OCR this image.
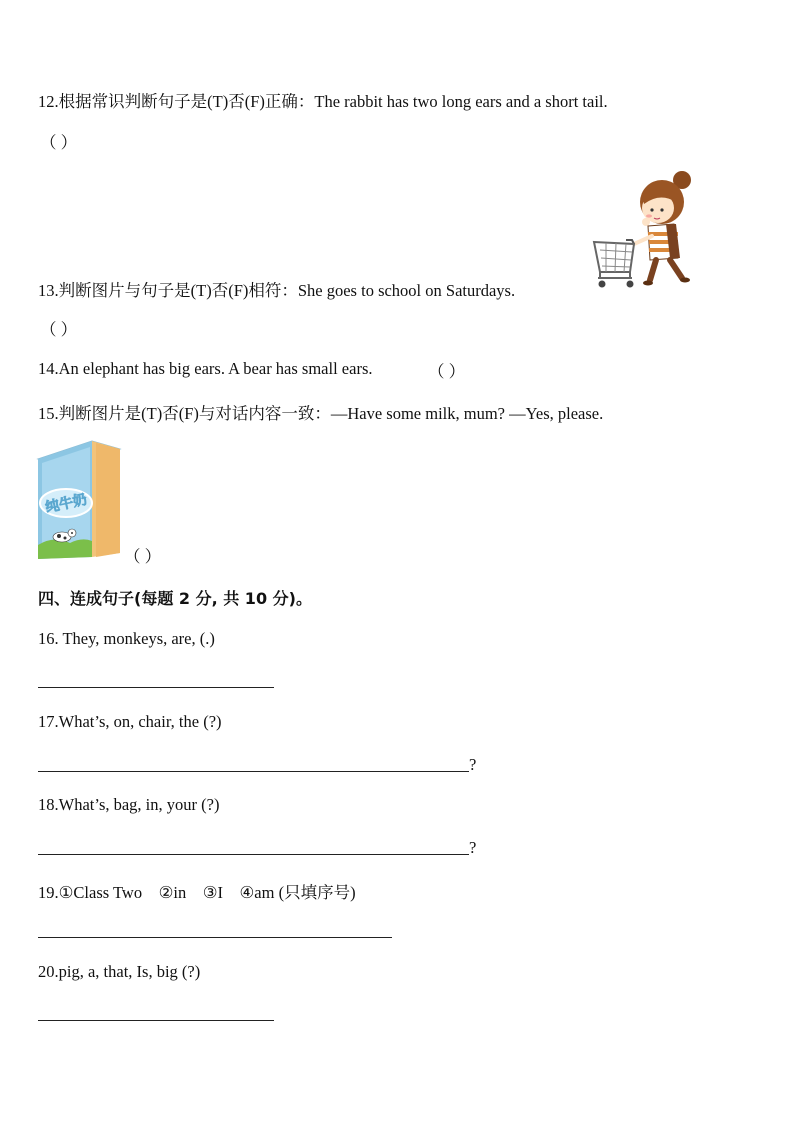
12.根据常识判断句子是(T)否(F)正确：The rabbit has two long ears and a short tail.
（ ）
13.判断图片与句子是(T)否(F)相符：She goes to school on Saturdays.
（ ）
14.An elephant has big ears. A bear has small ears.	（ ）
15.判断图片是(T)否(F)与对话内容一致：—Have some milk, mum? —Yes, please.
纯牛奶
（ ）
四、连成句子(每题 2 分, 共 10 分)。
16. They, monkeys, are, (.)
17.What’s, on, chair, the (?)
?
18.What’s, bag, in, your (?)
?
19.①Class Two    ②in    ③I    ④am (只填序号)
20.pig, a, that, Is, big (?)
